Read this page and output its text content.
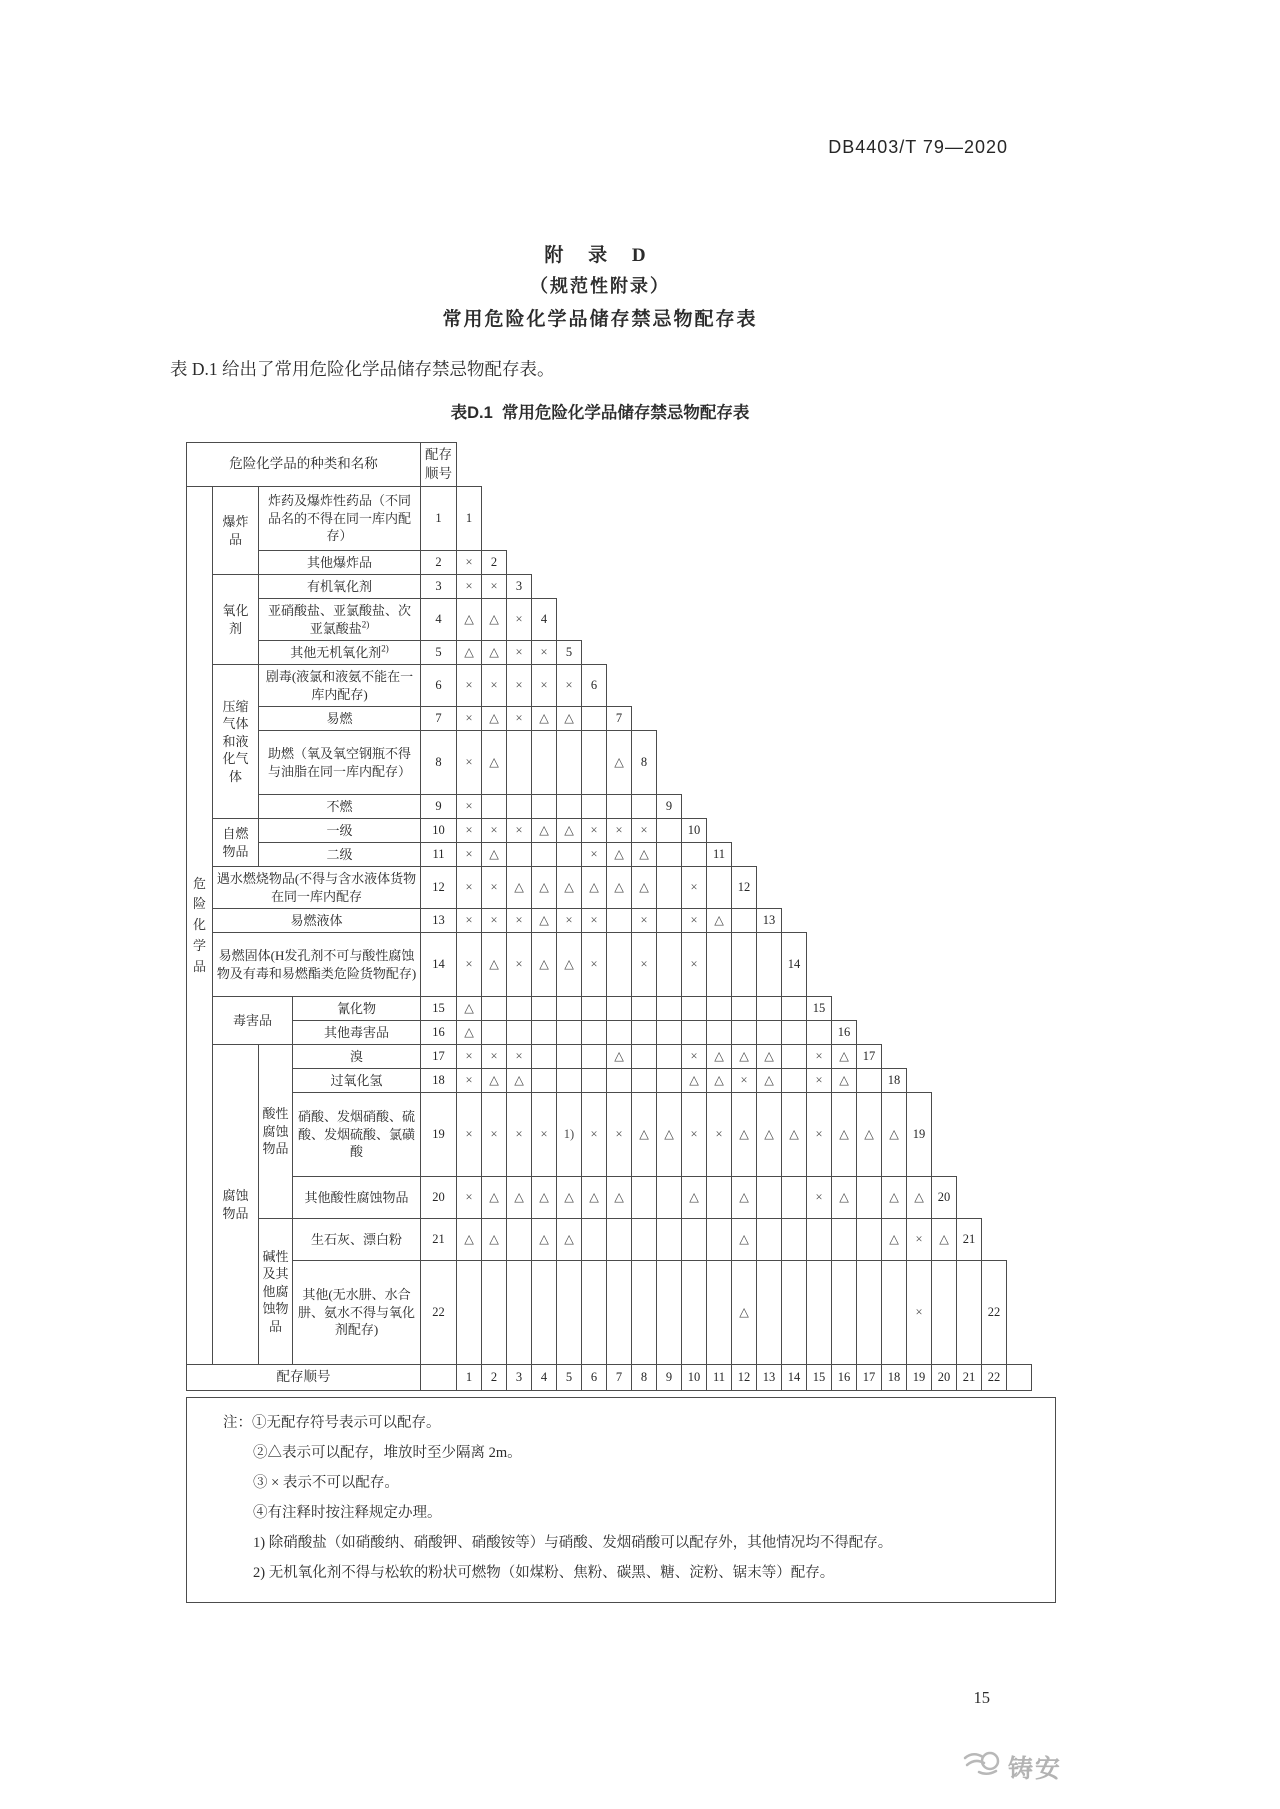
DB4403/T 79—2020
附 录 D
（规范性附录）
常用危险化学品储存禁忌物配存表
表 D.1 给出了常用危险化学品储存禁忌物配存表。
表D.1  常用危险化学品储存禁忌物配存表
危险化学品的种类和名称				配存顺号																							
危险化学品	爆炸品	炸药及爆炸性药品（不同品名的不得在同一库内配存）		1	1																						
		其他爆炸品		2	×	2																					
	氧化剂	有机氧化剂		3	×	×	3																				
		亚硝酸盐、亚氯酸盐、次亚氯酸盐$^{2)}$		4	△	△	×	4																			
		其他无机氧化剂$^{2)}$		5	△	△	×	×	5																		
	压缩气体和液化气体	剧毒(液氯和液氨不能在一库内配存)		6	×	×	×	×	×	6																	
		易燃		7	×	△	×	△	△		7																
		助燃（氧及氧空钢瓶不得与油脂在同一库内配存）		8	×	△					△	8															
		不燃		9	×								9														
	自燃物品	一级		10	×	×	×	△	△	×	×	×		10													
		二级		11	×	△				×	△	△			11												
	遇水燃烧物品(不得与含水液体货物在同一库内配存			12	×	×	△	△	△	△	△	△		×		12											
	易燃液体			13	×	×	×	△	×	×		×		×	△		13										
	易燃固体(H发孔剂不可与酸性腐蚀物及有毒和易燃酯类危险货物配存)			14	×	△	×	△	△	×		×		×				14									
	毒害品		氰化物	15	△														15								
			其他毒害品	16	△															16							
	腐蚀物品	酸性腐蚀物品	溴	17	×	×	×				△			×	△	△	△		×	△	17						
			过氧化氢	18	×	△	△							△	△	×	△		×	△		18					
			硝酸、发烟硝酸、硫酸、发烟硫酸、氯磺酸	19	×	×	×	×	1)	×	×	△	△	×	×	△	△	△	×	△	△	△	19				
			其他酸性腐蚀物品	20	×	△	△	△	△	△	△			△		△			×	△		△	△	20			
		碱性及其他腐蚀物品	生石灰、漂白粉	21	△	△		△	△							△						△	×	△	21		
			其他(无水肼、水合肼、氨水不得与氧化剂配存)	22												△							×			22	
配存顺号					1	2	3	4	5	6	7	8	9	10	11	12	13	14	15	16	17	18	19	20	21	22	
注：①无配存符号表示可以配存。
②△表示可以配存，堆放时至少隔离 2m。
③ × 表示不可以配存。
④有注释时按注释规定办理。
1) 除硝酸盐（如硝酸纳、硝酸钾、硝酸铵等）与硝酸、发烟硝酸可以配存外，其他情况均不得配存。
2) 无机氧化剂不得与松软的粉状可燃物（如煤粉、焦粉、碳黑、糖、淀粉、锯末等）配存。
15
铸安
